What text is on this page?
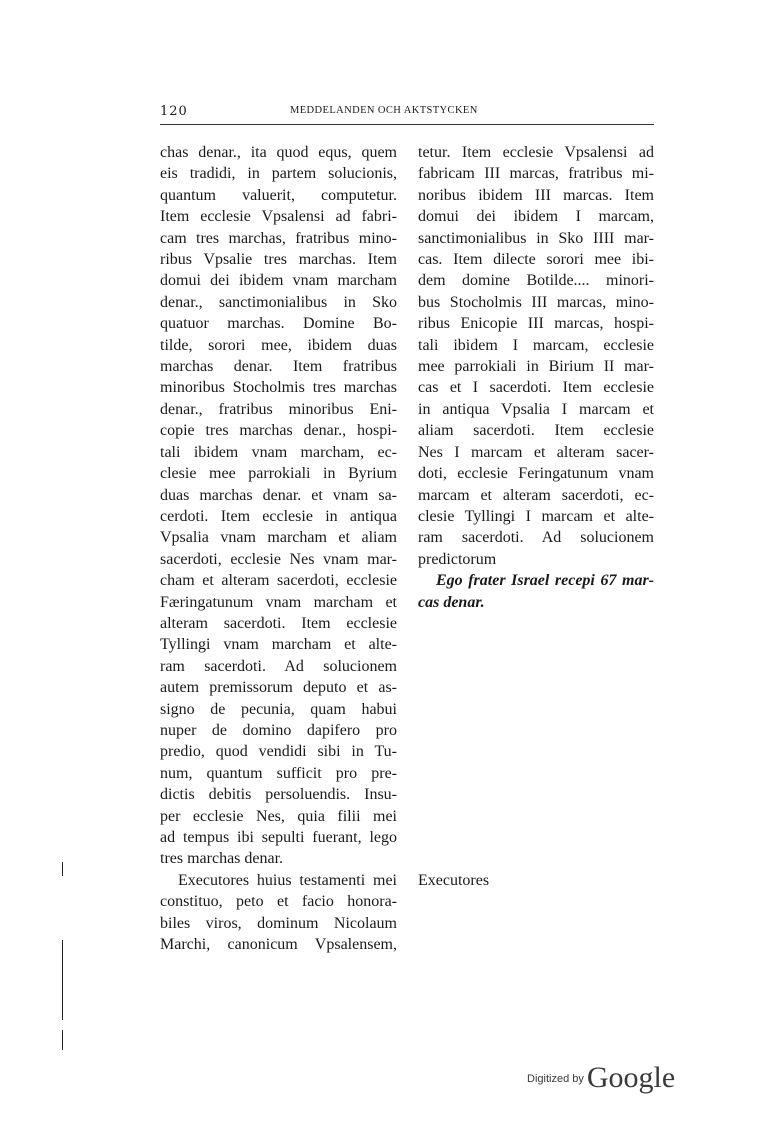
120	MEDDELANDEN OCH AKTSTYCKEN
chas denar., ita quod equs, quem
eis tradidi, in partem solucionis,
quantum valuerit, computetur.
Item ecclesie Vpsalensi ad fabri-
cam tres marchas, fratribus mino-
ribus Vpsalie tres marchas. Item
domui dei ibidem vnam marcham
denar., sanctimonialibus in Sko
quatuor marchas. Domine Bo-
tilde, sorori mee, ibidem duas
marchas denar. Item fratribus
minoribus Stocholmis tres marchas
denar., fratribus minoribus Eni-
copie tres marchas denar., hospi-
tali ibidem vnam marcham, ec-
clesie mee parrokiali in Byrium
duas marchas denar. et vnam sa-
cerdoti. Item ecclesie in antiqua
Vpsalia vnam marcham et aliam
sacerdoti, ecclesie Nes vnam mar-
cham et alteram sacerdoti, ecclesie
Færingatunum vnam marcham et
alteram sacerdoti. Item ecclesie
Tyllingi vnam marcham et alte-
ram sacerdoti. Ad solucionem
autem premissorum deputo et as-
signo de pecunia, quam habui
nuper de domino dapifero pro
predio, quod vendidi sibi in Tu-
num, quantum sufficit pro pre-
dictis debitis persoluendis. Insu-
per ecclesie Nes, quia filii mei
ad tempus ibi sepulti fuerant, lego
tres marchas denar.
Executores huius testamenti mei
constituo, peto et facio honora-
biles viros, dominum Nicolaum
Marchi, canonicum Vpsalensem,
tetur. Item ecclesie Vpsalensi ad
fabricam III marcas, fratribus mi-
noribus ibidem III marcas. Item
domui dei ibidem I marcam,
sanctimonialibus in Sko IIII mar-
cas. Item dilecte sorori mee ibi-
dem domine Botilde.... minori-
bus Stocholmis III marcas, mino-
ribus Enicopie III marcas, hospi-
tali ibidem I marcam, ecclesie
mee parrokiali in Birium II mar-
cas et I sacerdoti. Item ecclesie
in antiqua Vpsalia I marcam et
aliam sacerdoti. Item ecclesie
Nes I marcam et alteram sacer-
doti, ecclesie Feringatunum vnam
marcam et alteram sacerdoti, ec-
clesie Tyllingi I marcam et alte-
ram sacerdoti. Ad solucionem
predictorum
Ego frater Israel recepi 67 mar-
cas denar.
Executores
Digitized by Google
